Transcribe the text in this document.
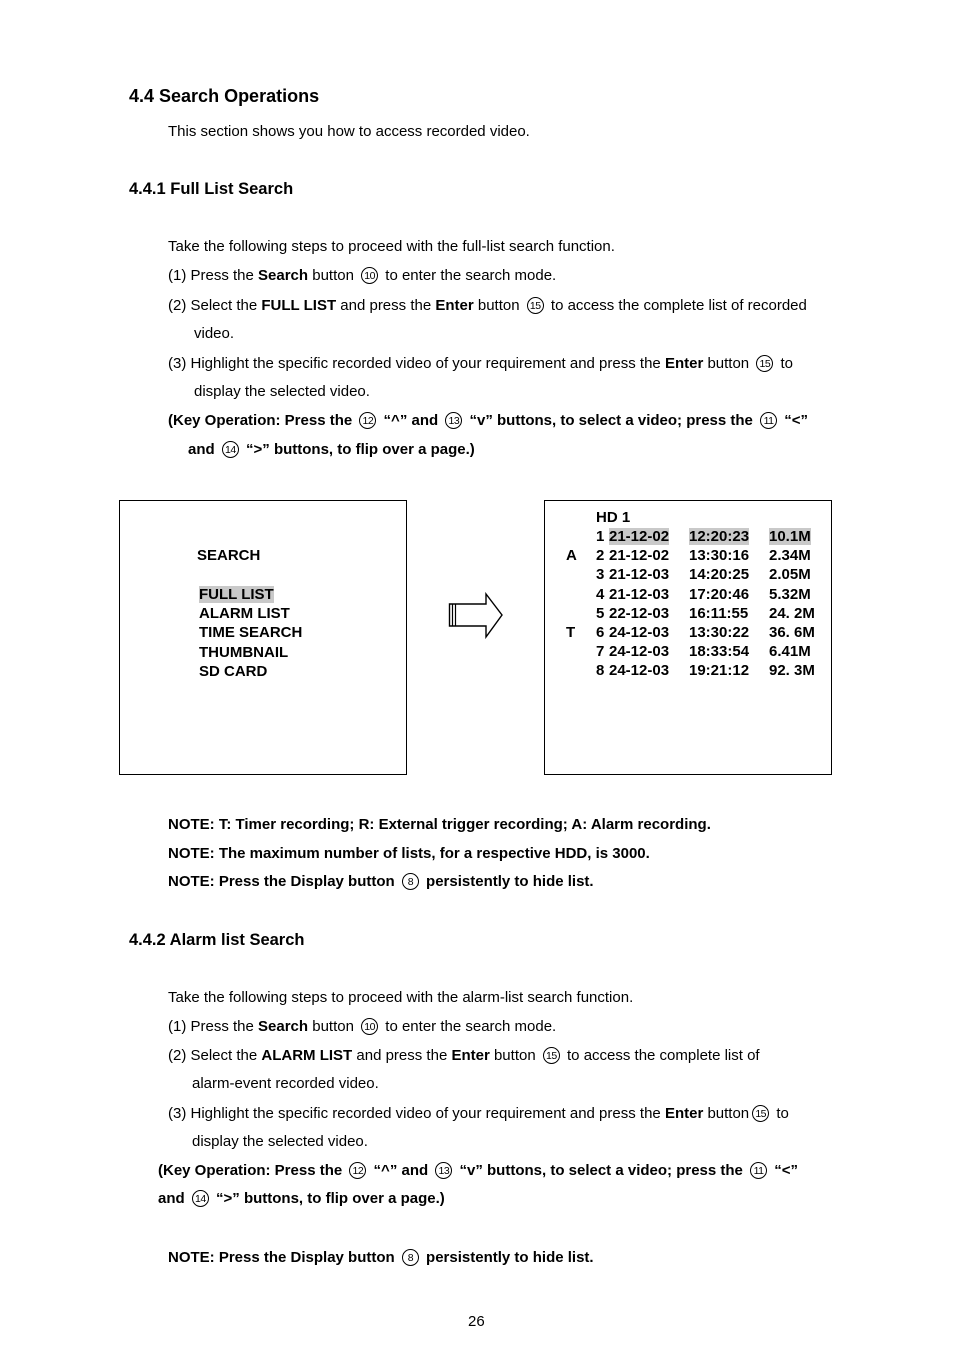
4.4 Search Operations
This section shows you how to access recorded video.
4.4.1 Full List Search
Take the following steps to proceed with the full-list search function.
(1) Press the Search button 10 to enter the search mode.
(2) Select the FULL LIST and press the Enter button 15 to access the complete list of recorded
video.
(3) Highlight the specific recorded video of your requirement and press the Enter button 15 to
display the selected video.
(Key Operation: Press the 12 “^” and 13 “v” buttons, to select a video; press the 11 “<”
and 14 “>” buttons, to flip over a page.)
SEARCH
FULL LIST
ALARM LIST
TIME SEARCH
THUMBNAIL
SD CARD
HD 1
1 21-12-02 12:20:23 10.1M
A 2 21-12-02 13:30:16 2.34M
3 21-12-03 14:20:25 2.05M
4 21-12-03 17:20:46 5.32M
5 22-12-03 16:11:55 24. 2M
T 6 24-12-03 13:30:22 36. 6M
7 24-12-03 18:33:54 6.41M
8 24-12-03 19:21:12 92. 3M
NOTE: T: Timer recording; R: External trigger recording; A: Alarm recording.
NOTE: The maximum number of lists, for a respective HDD, is 3000.
NOTE: Press the Display button 8 persistently to hide list.
4.4.2 Alarm list Search
Take the following steps to proceed with the alarm-list search function.
(1) Press the Search button 10 to enter the search mode.
(2) Select the ALARM LIST and press the Enter button 15 to access the complete list of
alarm-event recorded video.
(3) Highlight the specific recorded video of your requirement and press the Enter button 15 to
display the selected video.
(Key Operation: Press the 12 “^” and 13 “v” buttons, to select a video; press the 11 “<”
and 14 “>” buttons, to flip over a page.)
NOTE: Press the Display button 8 persistently to hide list.
26
